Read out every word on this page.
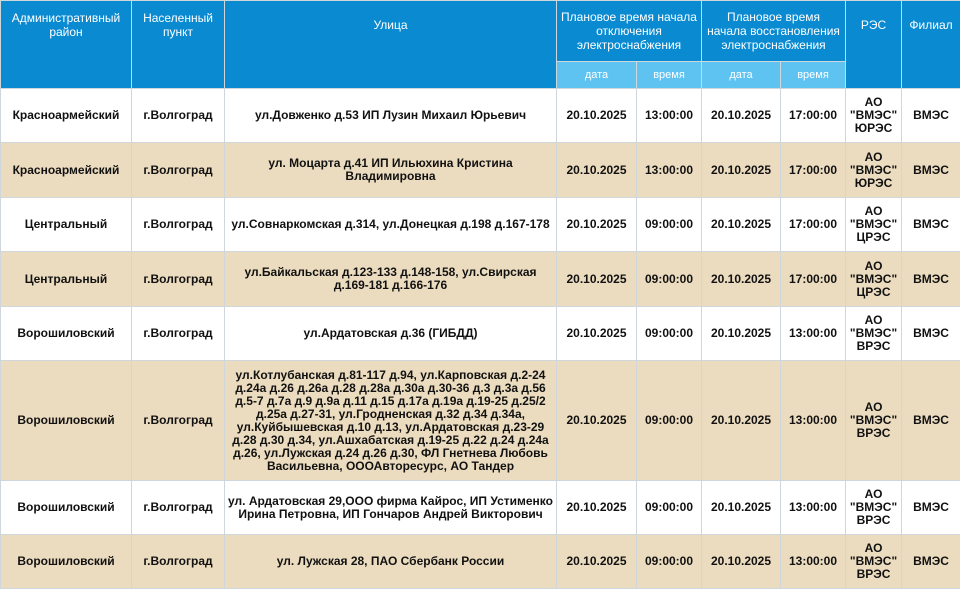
Административный район	Населенный пункт	Улица	Плановое время начала отключения электроснабжения		Плановое время начала восстановления электроснабжения		РЭС	Филиал
			дата	время	дата	время		
Красноармейский	г.Волгоград	ул.Довженко д.53 ИП Лузин Михаил Юрьевич	20.10.2025	13:00:00	20.10.2025	17:00:00	АО "ВМЭС" ЮРЭС	ВМЭС
Красноармейский	г.Волгоград	ул. Моцарта д.41 ИП Ильюхина Кристина Владимировна	20.10.2025	13:00:00	20.10.2025	17:00:00	АО "ВМЭС" ЮРЭС	ВМЭС
Центральный	г.Волгоград	ул.Совнаркомская д.314, ул.Донецкая д.198 д.167-178	20.10.2025	09:00:00	20.10.2025	17:00:00	АО "ВМЭС" ЦРЭС	ВМЭС
Центральный	г.Волгоград	ул.Байкальская д.123-133 д.148-158, ул.Свирская д.169-181 д.166-176	20.10.2025	09:00:00	20.10.2025	17:00:00	АО "ВМЭС" ЦРЭС	ВМЭС
Ворошиловский	г.Волгоград	ул.Ардатовская д.36 (ГИБДД)	20.10.2025	09:00:00	20.10.2025	13:00:00	АО "ВМЭС" ВРЭС	ВМЭС
Ворошиловский	г.Волгоград	ул.Котлубанская д.81-117 д.94, ул.Карповская д.2-24 д.24а д.26 д.26а д.28 д.28а д.30а д.30-36 д.3 д.3а д.56 д.5-7 д.7а д.9 д.9а д.11 д.15 д.17а д.19а д.19-25 д.25/2 д.25а д.27-31, ул.Гродненская д.32 д.34 д.34а, ул.Куйбышевская д.10 д.13, ул.Ардатовская д.23-29 д.28 д.30 д.34, ул.Ашхабатская д.19-25 д.22 д.24 д.24а д.26, ул.Лужская д.24 д.26 д.30, ФЛ Гнетнева Любовь Васильевна, ОООАвторесурс, АО Тандер	20.10.2025	09:00:00	20.10.2025	13:00:00	АО "ВМЭС" ВРЭС	ВМЭС
Ворошиловский	г.Волгоград	ул. Ардатовская 29,ООО фирма Кайрос, ИП Устименко Ирина Петровна, ИП Гончаров Андрей Викторович	20.10.2025	09:00:00	20.10.2025	13:00:00	АО "ВМЭС" ВРЭС	ВМЭС
Ворошиловский	г.Волгоград	ул. Лужская 28, ПАО Сбербанк России	20.10.2025	09:00:00	20.10.2025	13:00:00	АО "ВМЭС" ВРЭС	ВМЭС
